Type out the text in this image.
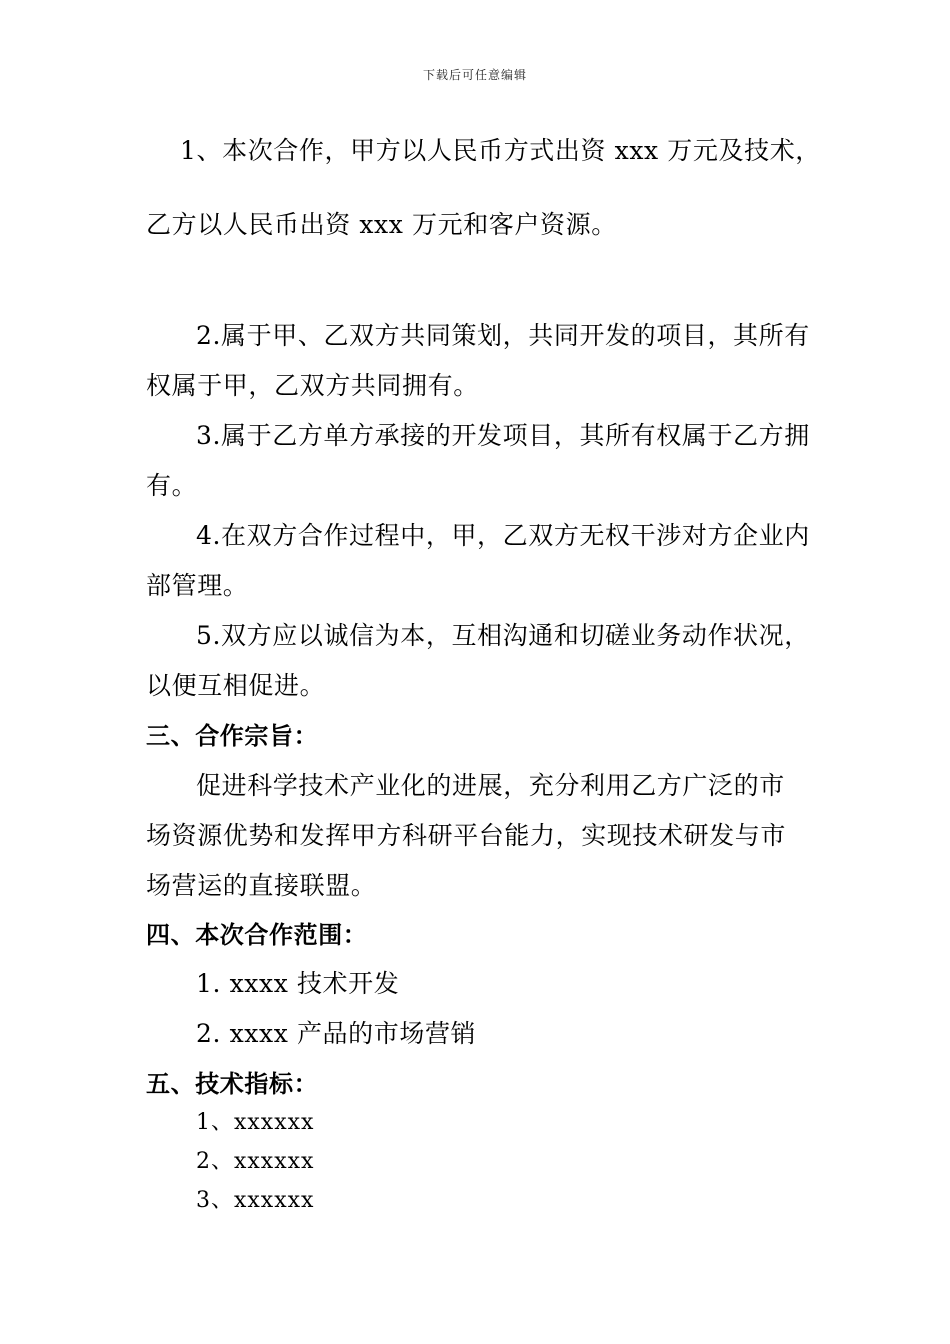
下载后可任意编辑
1、本次合作，甲方以人民币方式出资 xxx 万元及技术，
乙方以人民币出资 xxx 万元和客户资源。
2.属于甲、乙双方共同策划，共同开发的项目，其所有
权属于甲，乙双方共同拥有。
3.属于乙方单方承接的开发项目，其所有权属于乙方拥
有。
4.在双方合作过程中，甲，乙双方无权干涉对方企业内
部管理。
5.双方应以诚信为本，互相沟通和切磋业务动作状况，
以便互相促进。
三、合作宗旨：
促进科学技术产业化的进展，充分利用乙方广泛的市
场资源优势和发挥甲方科研平台能力，实现技术研发与市
场营运的直接联盟。
四、本次合作范围：
1. xxxx 技术开发
2. xxxx 产品的市场营销
五、技术指标：
1、xxxxxx
2、xxxxxx
3、xxxxxx
